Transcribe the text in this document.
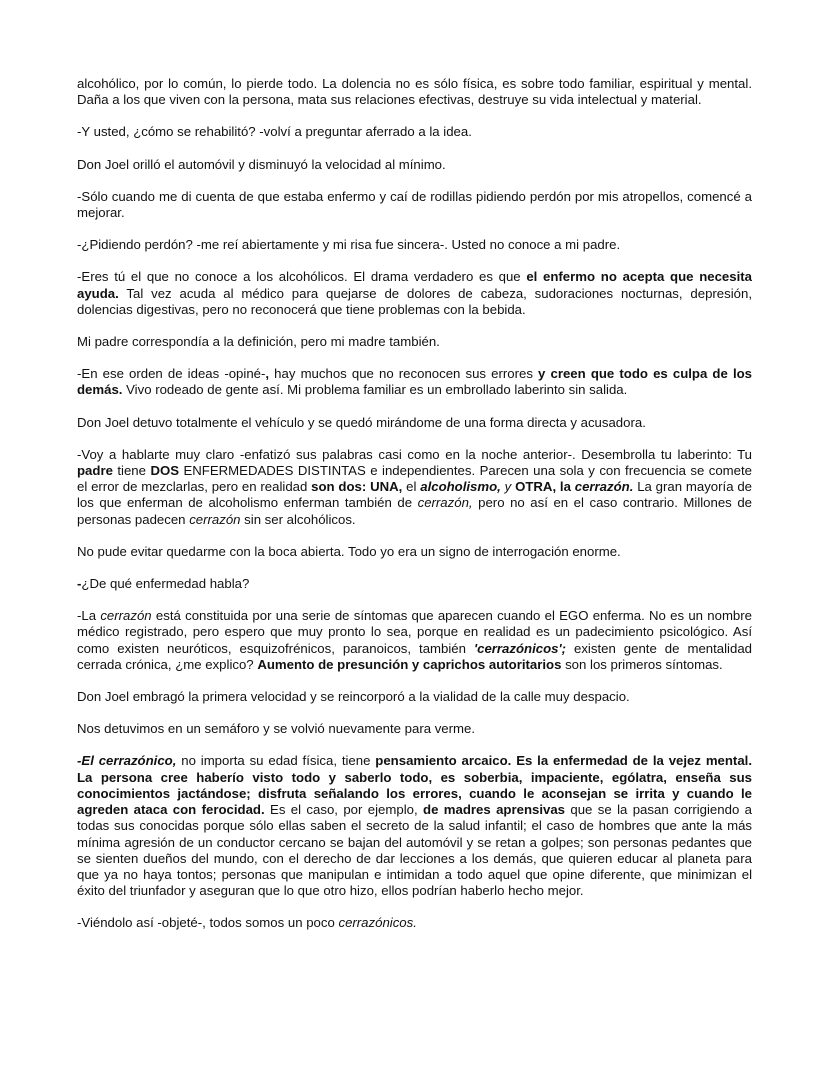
alcohólico, por lo común, lo pierde todo. La dolencia no es sólo física, es sobre todo familiar, espiritual y mental. Daña a los que viven con la persona, mata sus relaciones efectivas, destruye su vida intelectual y material.

-Y usted, ¿cómo se rehabilitó? -volví a preguntar aferrado a la idea.

Don Joel orilló el automóvil y disminuyó la velocidad al mínimo.

-Sólo cuando me di cuenta de que estaba enfermo y caí de rodillas pidiendo perdón por mis atropellos, comencé a mejorar.

-¿Pidiendo perdón? -me reí abiertamente y mi risa fue sincera-. Usted no conoce a mi padre.

-Eres tú el que no conoce a los alcohólicos. El drama verdadero es que el enfermo no acepta que necesita ayuda. Tal vez acuda al médico para quejarse de dolores de cabeza, sudoraciones nocturnas, depresión, dolencias digestivas, pero no reconocerá que tiene problemas con la bebida.

Mi padre correspondía a la definición, pero mi madre también.

-En ese orden de ideas -opiné-, hay muchos que no reconocen sus errores y creen que todo es culpa de los demás. Vivo rodeado de gente así. Mi problema familiar es un embrollado laberinto sin salida.

Don Joel detuvo totalmente el vehículo y se quedó mirándome de una forma directa y acusadora.

-Voy a hablarte muy claro -enfatizó sus palabras casi como en la noche anterior-. Desembrolla tu laberinto: Tu padre tiene DOS ENFERMEDADES DISTINTAS e independientes. Parecen una sola y con frecuencia se comete el error de mezclarlas, pero en realidad son dos: UNA, el alcoholismo, y OTRA, la cerrazón. La gran mayoría de los que enferman de alcoholismo enferman también de cerrazón, pero no así en el caso contrario. Millones de personas padecen cerrazón sin ser alcohólicos.

No pude evitar quedarme con la boca abierta. Todo yo era un signo de interrogación enorme.

-¿De qué enfermedad habla?

-La cerrazón está constituida por una serie de síntomas que aparecen cuando el EGO enferma. No es un nombre médico registrado, pero espero que muy pronto lo sea, porque en realidad es un padecimiento psicológico. Así como existen neuróticos, esquizofrénicos, paranoicos, también 'cerrazónicos'; existen gente de mentalidad cerrada crónica, ¿me explico? Aumento de presunción y caprichos autoritarios son los primeros síntomas.

Don Joel embragó la primera velocidad y se reincorporó a la vialidad de la calle muy despacio.

Nos detuvimos en un semáforo y se volvió nuevamente para verme.

-El cerrazónico, no importa su edad física, tiene pensamiento arcaico. Es la enfermedad de la vejez mental. La persona cree haberío visto todo y saberlo todo, es soberbia, impaciente, ególatra, enseña sus conocimientos jactándose; disfruta señalando los errores, cuando le aconsejan se irrita y cuando le agreden ataca con ferocidad. Es el caso, por ejemplo, de madres aprensivas que se la pasan corrigiendo a todas sus conocidas porque sólo ellas saben el secreto de la salud infantil; el caso de hombres que ante la más mínima agresión de un conductor cercano se bajan del automóvil y se retan a golpes; son personas pedantes que se sienten dueños del mundo, con el derecho de dar lecciones a los demás, que quieren educar al planeta para que ya no haya tontos; personas que manipulan e intimidan a todo aquel que opine diferente, que minimizan el éxito del triunfador y aseguran que lo que otro hizo, ellos podrían haberlo hecho mejor.

-Viéndolo así -objeté-, todos somos un poco cerrazónicos.
